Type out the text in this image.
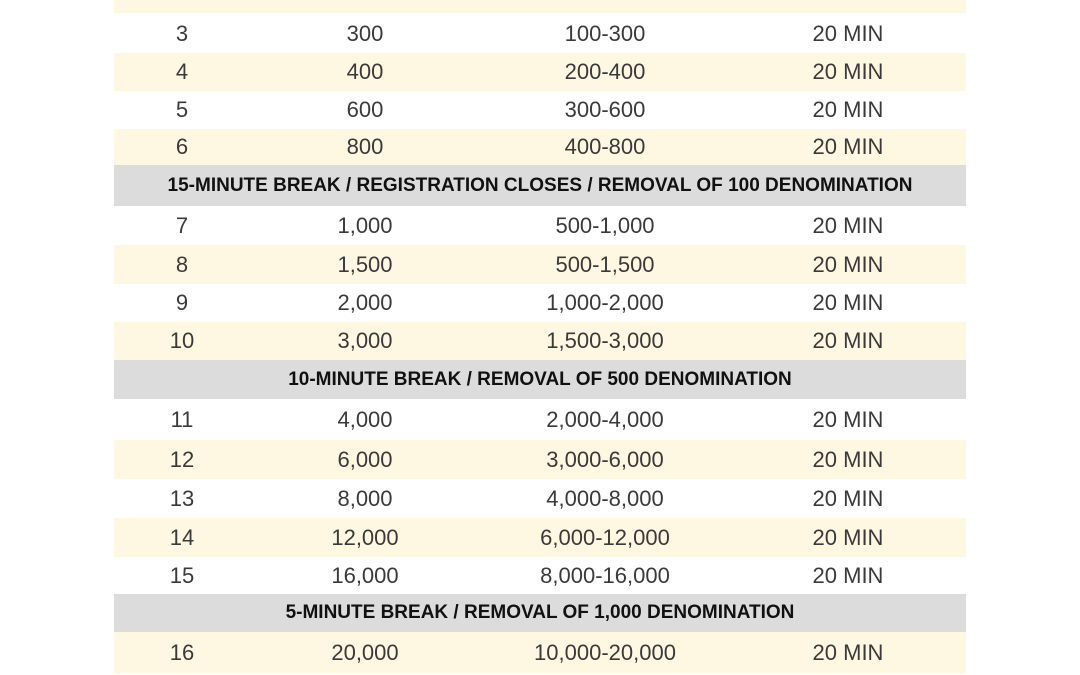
3	300	100-300	20 MIN
4	400	200-400	20 MIN
5	600	300-600	20 MIN
6	800	400-800	20 MIN
15-MINUTE BREAK / REGISTRATION CLOSES / REMOVAL OF 100 DENOMINATION
7	1,000	500-1,000	20 MIN
8	1,500	500-1,500	20 MIN
9	2,000	1,000-2,000	20 MIN
10	3,000	1,500-3,000	20 MIN
10-MINUTE BREAK / REMOVAL OF 500 DENOMINATION
11	4,000	2,000-4,000	20 MIN
12	6,000	3,000-6,000	20 MIN
13	8,000	4,000-8,000	20 MIN
14	12,000	6,000-12,000	20 MIN
15	16,000	8,000-16,000	20 MIN
5-MINUTE BREAK / REMOVAL OF 1,000 DENOMINATION
16	20,000	10,000-20,000	20 MIN
